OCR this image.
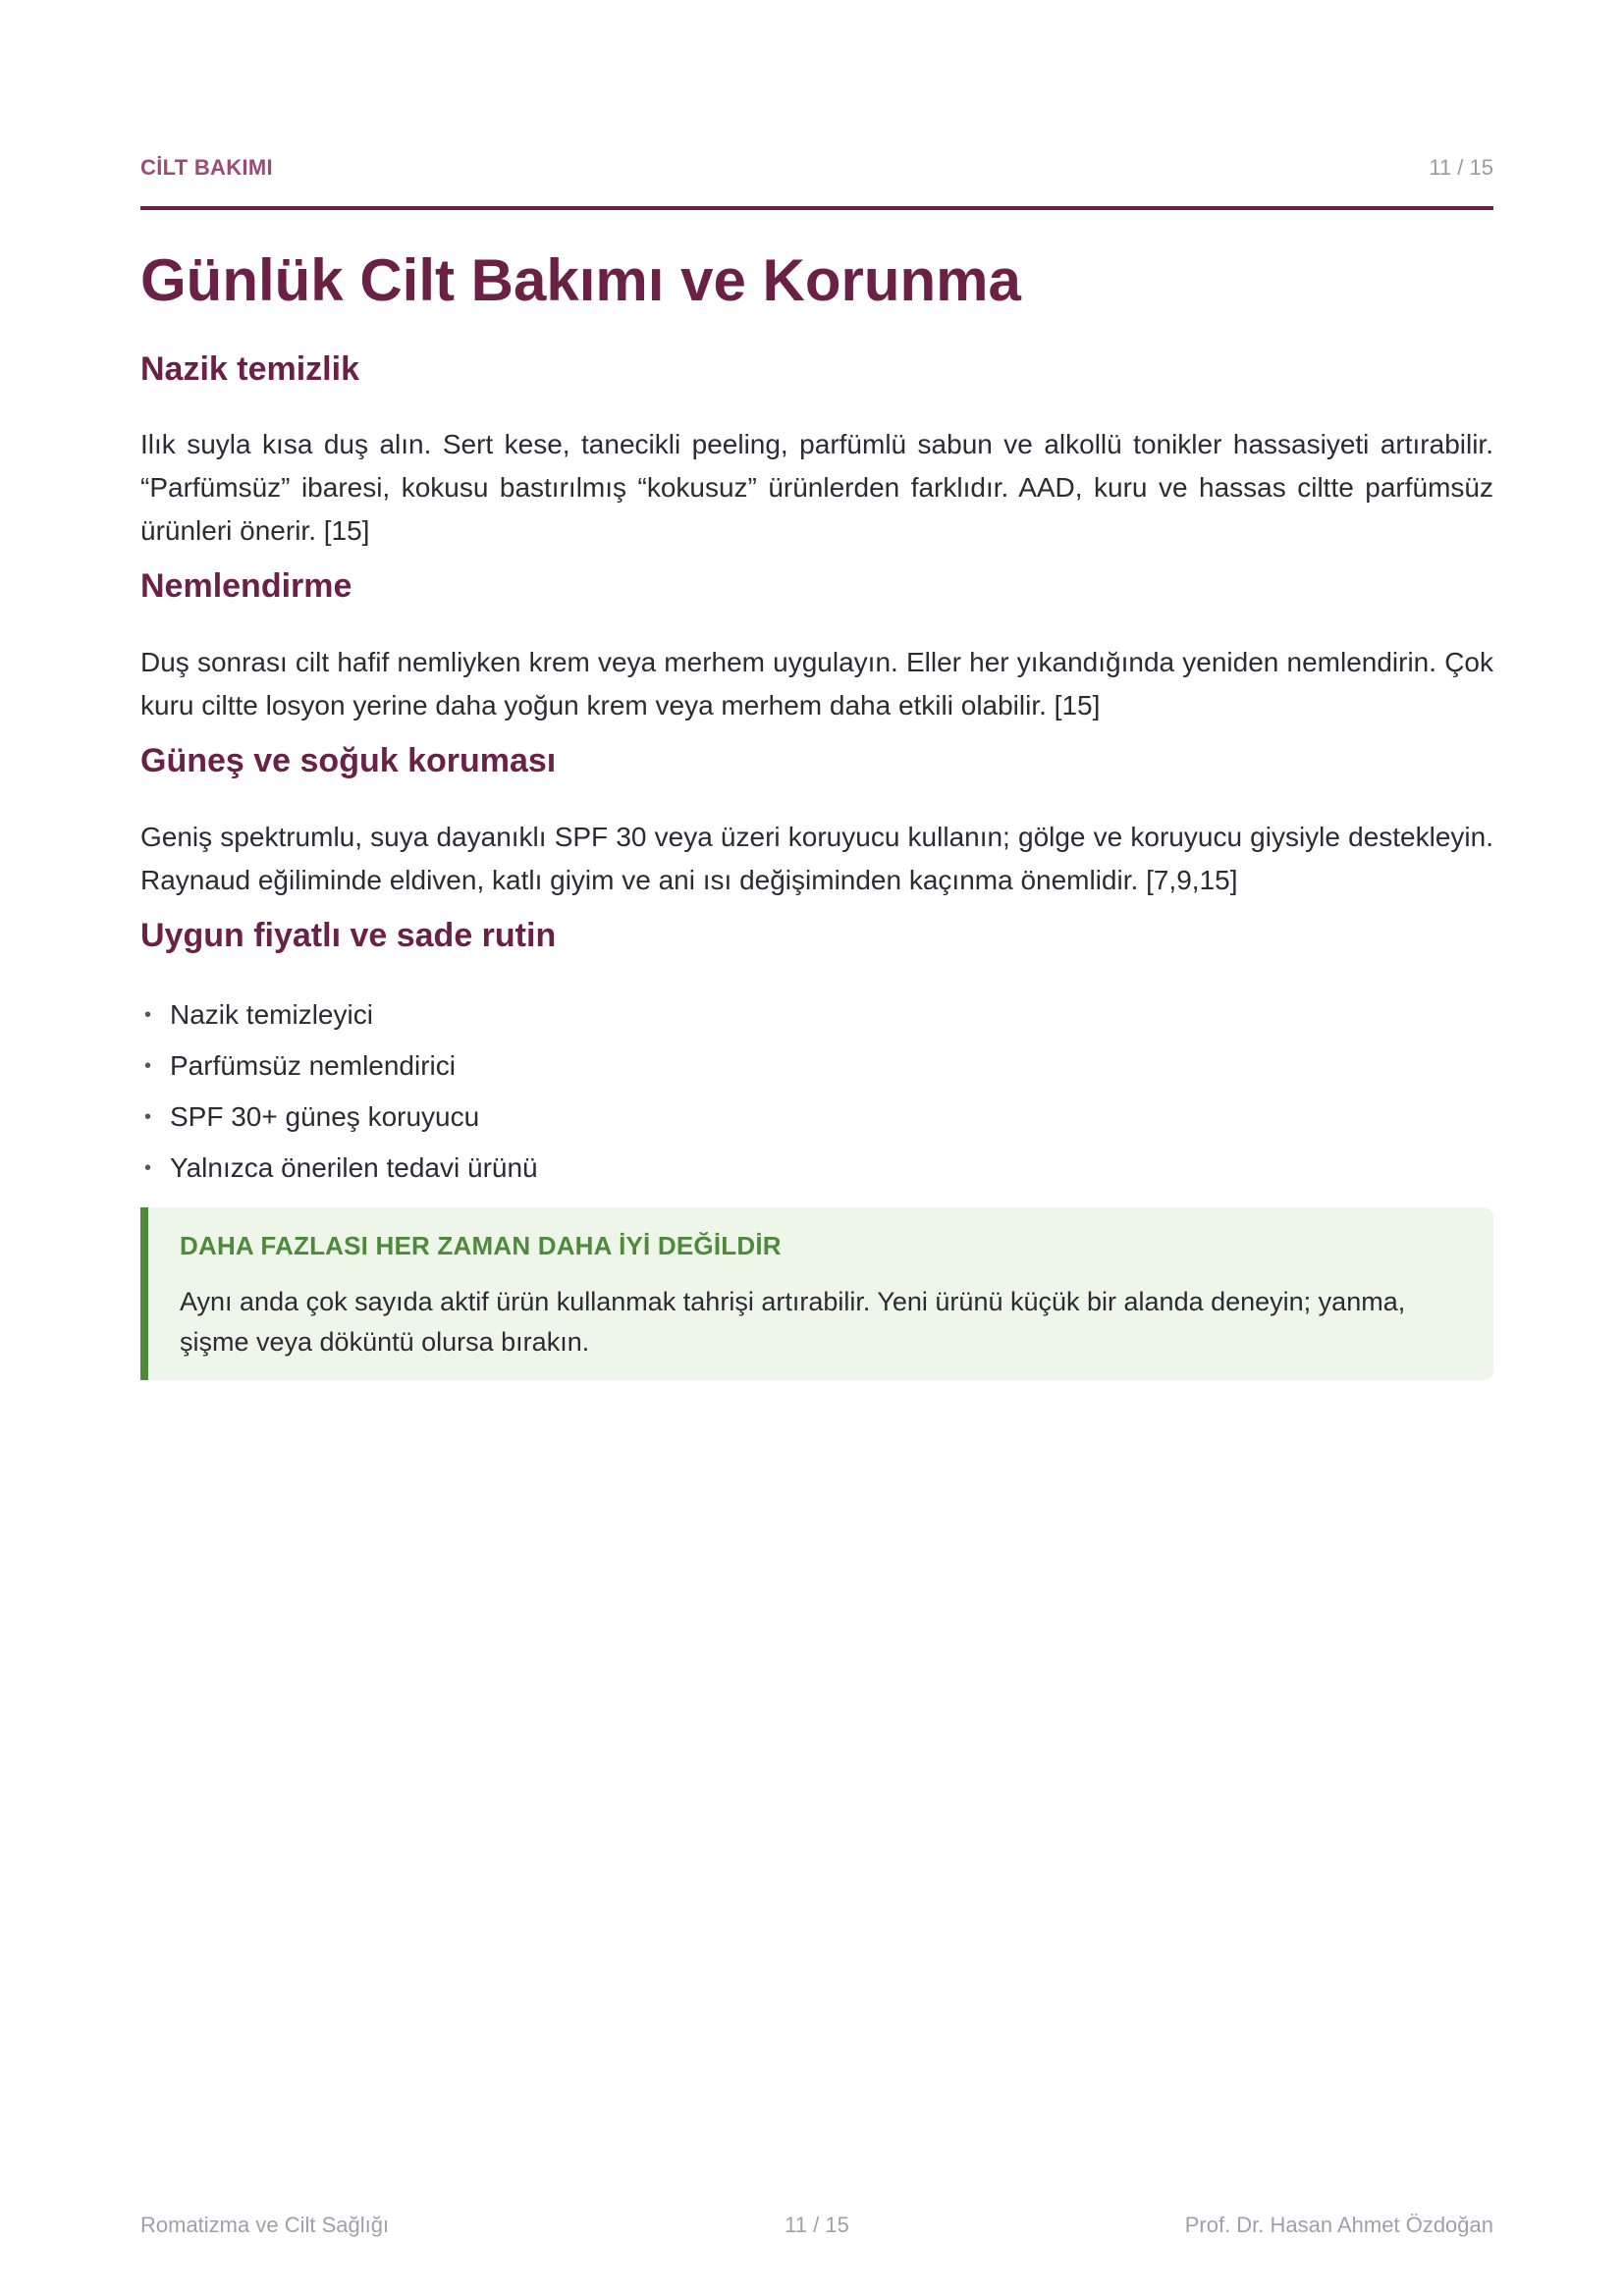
CİLT BAKIMI	11 / 15
Günlük Cilt Bakımı ve Korunma
Nazik temizlik

Ilık suyla kısa duş alın. Sert kese, tanecikli peeling, parfümlü sabun ve alkollü tonikler hassasiyeti artırabilir. “Parfümsüz” ibaresi, kokusu bastırılmış “kokusuz” ürünlerden farklıdır. AAD, kuru ve hassas ciltte parfümsüz ürünleri önerir. [15]

Nemlendirme

Duş sonrası cilt hafif nemliyken krem veya merhem uygulayın. Eller her yıkandığında yeniden nemlendirin. Çok kuru ciltte losyon yerine daha yoğun krem veya merhem daha etkili olabilir. [15]

Güneş ve soğuk koruması

Geniş spektrumlu, suya dayanıklı SPF 30 veya üzeri koruyucu kullanın; gölge ve koruyucu giysiyle destekleyin. Raynaud eğiliminde eldiven, katlı giyim ve ani ısı değişiminden kaçınma önemlidir. [7,9,15]

Uygun fiyatlı ve sade rutin
• Nazik temizleyici
• Parfümsüz nemlendirici
• SPF 30+ güneş koruyucu
• Yalnızca önerilen tedavi ürünü
DAHA FAZLASI HER ZAMAN DAHA İYİ DEĞİLDİR

Aynı anda çok sayıda aktif ürün kullanmak tahrişi artırabilir. Yeni ürünü küçük bir alanda deneyin; yanma, şişme veya döküntü olursa bırakın.

Romatizma ve Cilt Sağlığı	11 / 15	Prof. Dr. Hasan Ahmet Özdoğan
